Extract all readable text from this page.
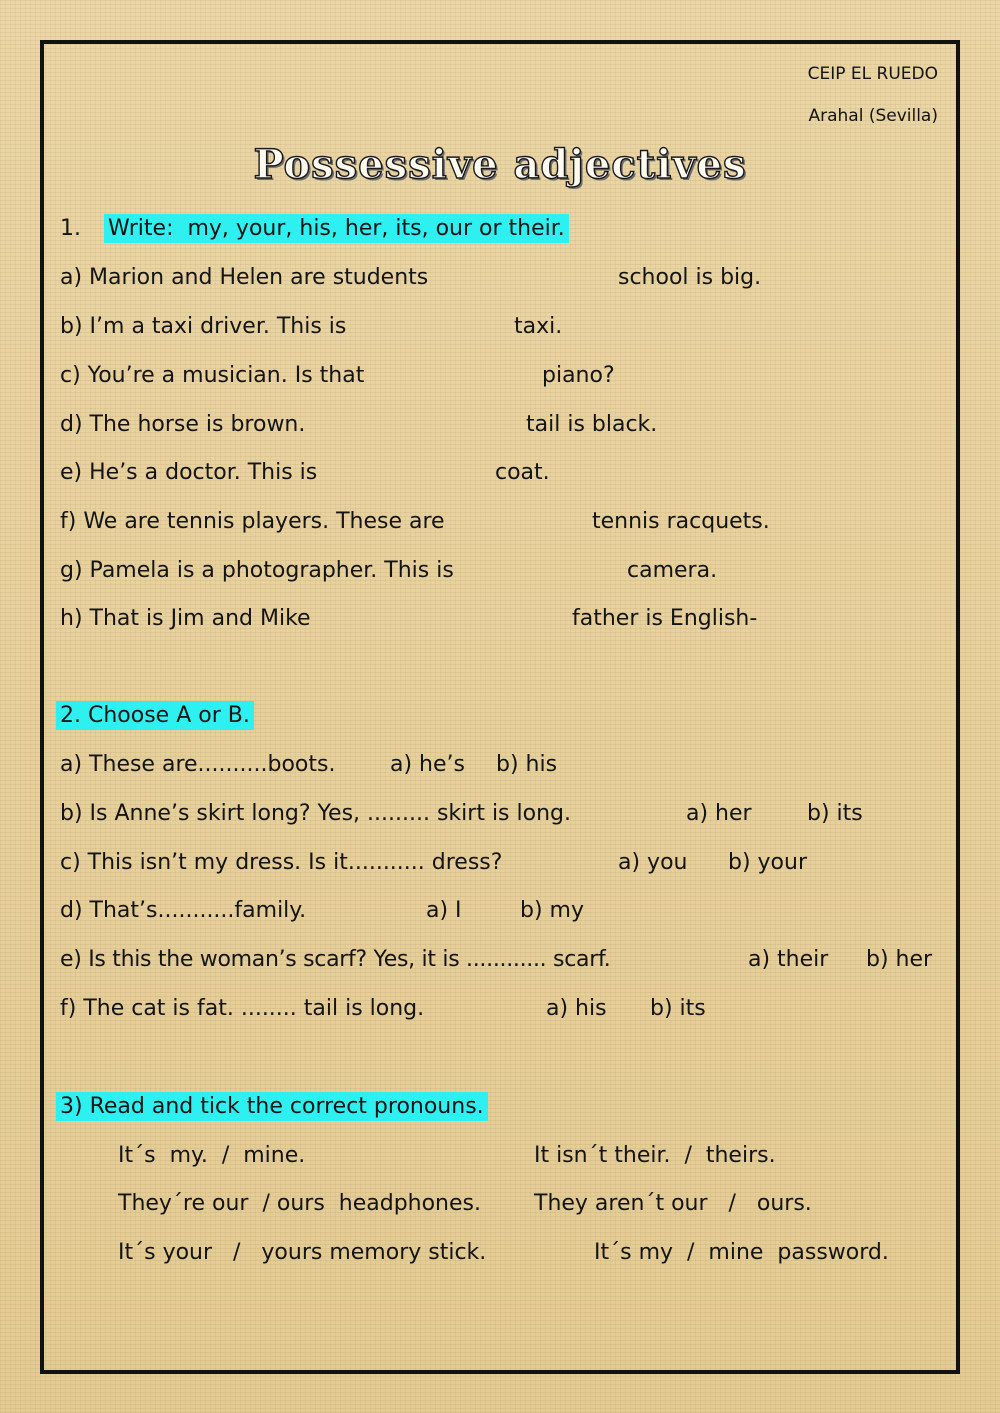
CEIP EL RUEDO
Arahal (Sevilla)
Possessive adjectives
1. Write:  my, your, his, her, its, our or their.
a) Marion and Helen are students	school is big.
b) I’m a taxi driver. This is	taxi.
c) You’re a musician. Is that	piano?
d) The horse is brown.	tail is black.
e) He’s a doctor. This is	coat.
f) We are tennis players. These are	tennis racquets.
g) Pamela is a photographer. This is	camera.
h) That is Jim and Mike	father is English-
2. Choose A or B.
a) These are..........boots. a) he’s b) his
b) Is Anne’s skirt long? Yes, ......... skirt is long.	a) her	b) its
c) This isn’t my dress. Is it........... dress?	a) you b) your
d) That’s...........family.	a) I	b) my
e) Is this the woman’s scarf? Yes, it is ............ scarf.	a) their b) her
f) The cat is fat. ........ tail is long.	a) his b) its
3) Read and tick the correct pronouns.
It´s  my.  /  mine.	It isn´t their.  /  theirs.
They´re our  / ours  headphones. They aren´t our   /   ours.
It´s your   /   yours memory stick.	It´s my  /  mine  password.
